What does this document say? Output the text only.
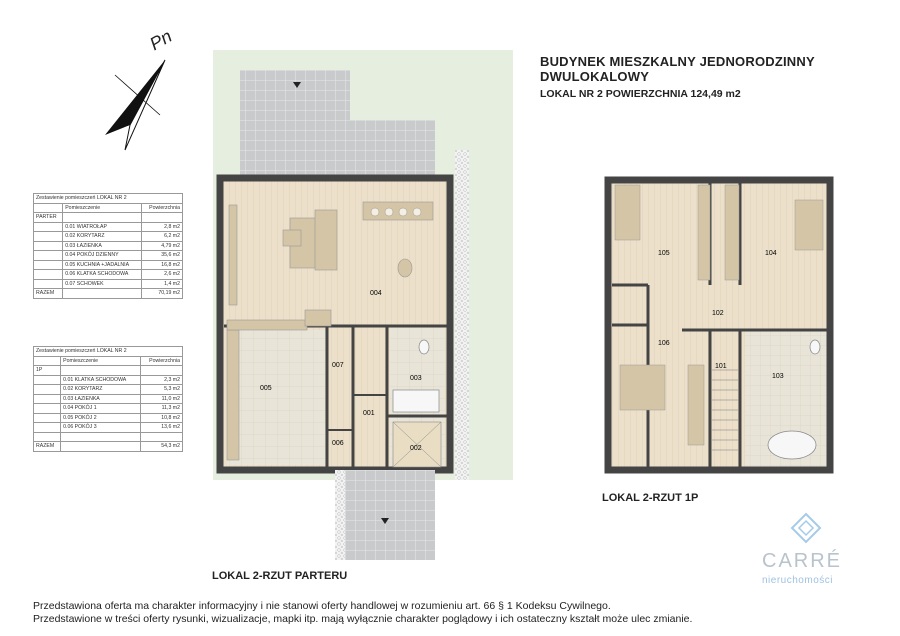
Pn
BUDYNEK MIESZKALNY JEDNORODZINNY
DWULOKALOWY
LOKAL NR 2 POWIERZCHNIA 124,49 m2
Zestawienie pomieszczeń LOKAL NR 2		
	Pomieszczenie	Powierzchnia
PARTER		
	0.01 WIATROŁAP	2,8 m2
	0.02 KORYTARZ	6,2 m2
	0.03 ŁAZIENKA	4,79 m2
	0.04 POKÓJ DZIENNY	35,6 m2
	0.05 KUCHNIA +JADALNIA	16,8 m2
	0.06 KLATKA SCHODOWA	2,6 m2
	0.07 SCHOWEK	1,4 m2
RAZEM		70,19 m2
Zestawienie pomieszczeń LOKAL NR 2		
	Pomieszczenie	Powierzchnia
1P		
	0.01 KLATKA SCHODOWA	2,3 m2
	0.02 KORYTARZ	5,3 m2
	0.03 ŁAZIENKA	11,0 m2
	0.04 POKÓJ 1	11,3 m2
	0.05 POKÓJ 2	10,8 m2
	0.06 POKÓJ 3	13,6 m2

RAZEM		54,3 m2
004
005
007
001
006
003
002
105	104
102
106
101
103
LOKAL 2-RZUT PARTERU
LOKAL 2-RZUT 1P
CARRÉ
nieruchomości
Przedstawiona oferta ma charakter informacyjny i nie stanowi oferty handlowej w rozumieniu art. 66 § 1 Kodeksu Cywilnego.
Przedstawione w treści oferty rysunki, wizualizacje, mapki itp. mają wyłącznie charakter poglądowy i ich ostateczny kształt może ulec zmianie.
